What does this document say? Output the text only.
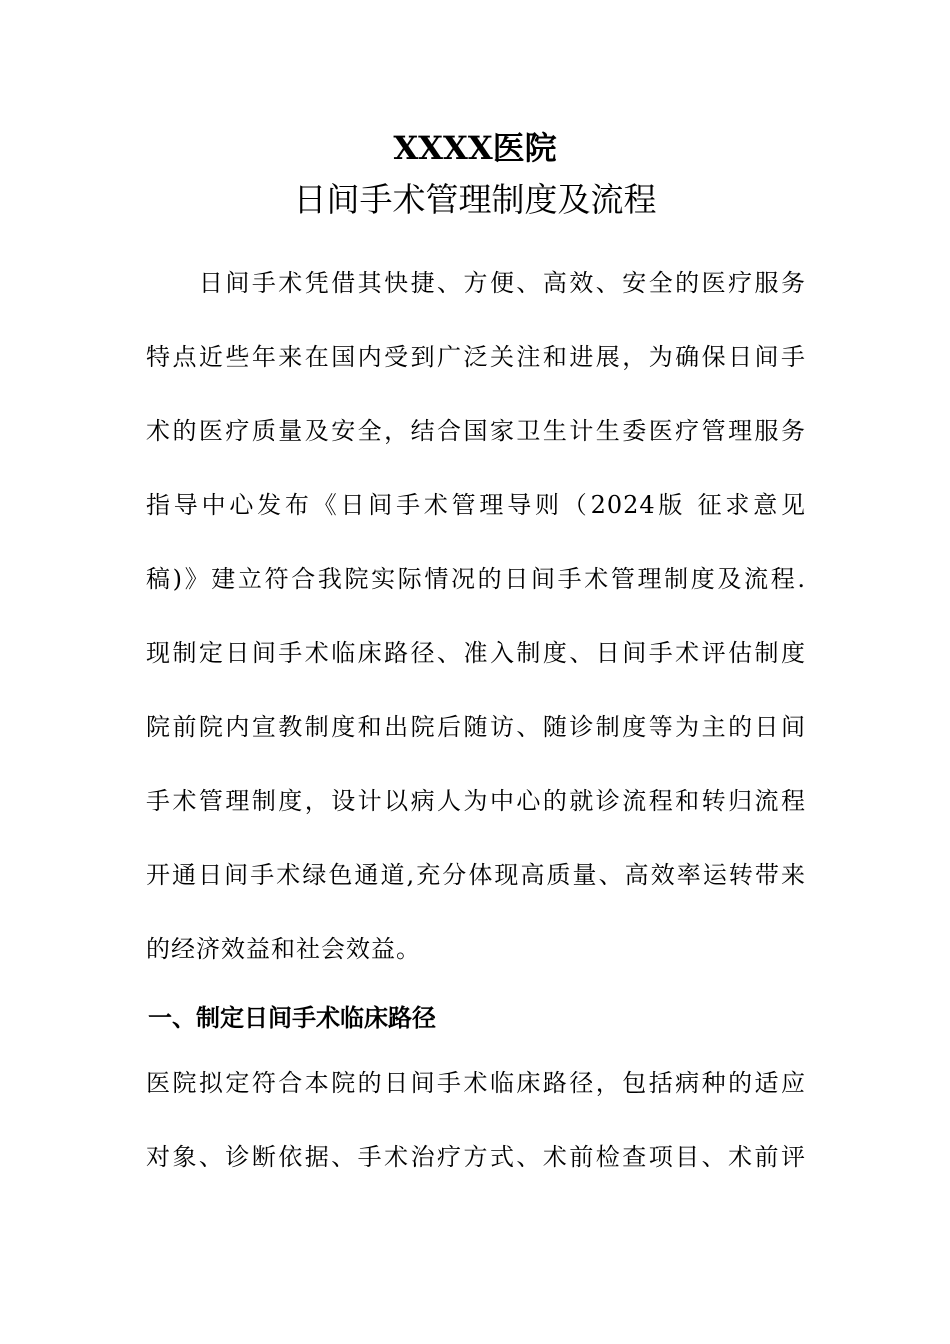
XXXX医院
日间手术管理制度及流程
　　日间手术凭借其快捷、方便、高效、安全的医疗服务
特点近些年来在国内受到广泛关注和进展，为确保日间手
术的医疗质量及安全，结合国家卫生计生委医疗管理服务
指导中心发布《日间手术管理导则（2024版 征求意见
稿)》建立符合我院实际情况的日间手术管理制度及流程.
现制定日间手术临床路径、准入制度、日间手术评估制度
院前院内宣教制度和出院后随访、随诊制度等为主的日间
手术管理制度，设计以病人为中心的就诊流程和转归流程
开通日间手术绿色通道,充分体现高质量、高效率运转带来
的经济效益和社会效益。
一、制定日间手术临床路径
医院拟定符合本院的日间手术临床路径，包括病种的适应
对象、诊断依据、手术治疗方式、术前检查项目、术前评
